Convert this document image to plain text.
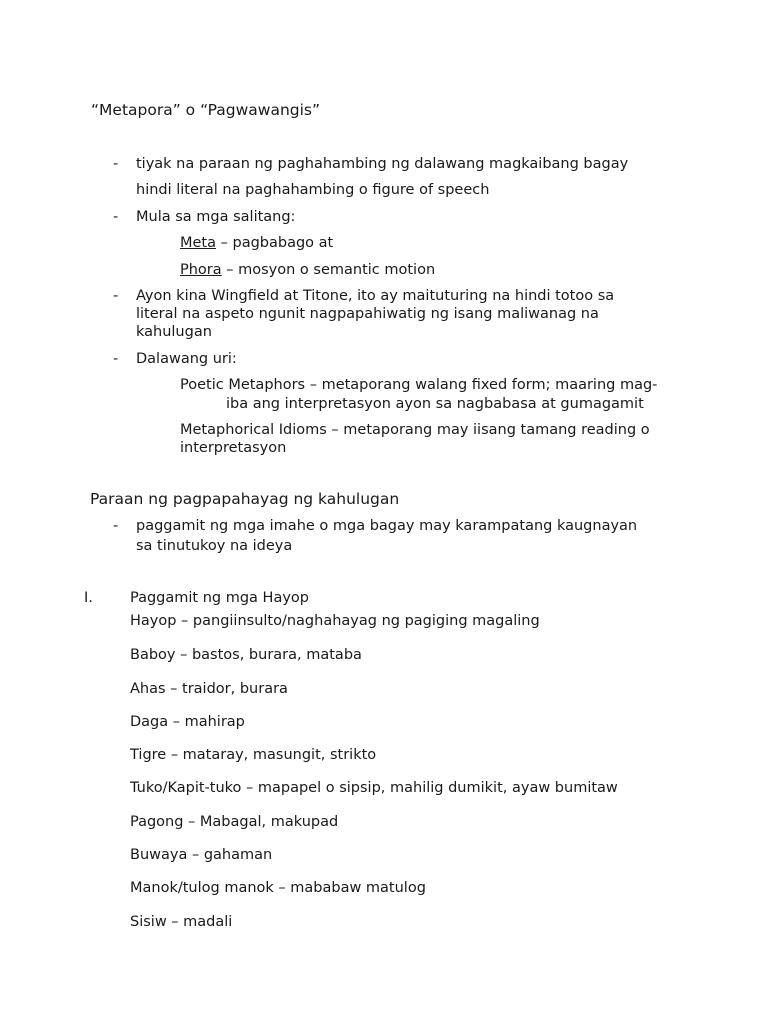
“Metapora” o “Pagwawangis”
- tiyak na paraan ng paghahambing ng dalawang magkaibang bagay
hindi literal na paghahambing o figure of speech
- Mula sa mga salitang:
Meta – pagbabago at
Phora – mosyon o semantic motion
- Ayon kina Wingfield at Titone, ito ay maituturing na hindi totoo sa
literal na aspeto ngunit nagpapahiwatig ng isang maliwanag na
kahulugan
- Dalawang uri:
Poetic Metaphors – metaporang walang fixed form; maaring mag-
iba ang interpretasyon ayon sa nagbabasa at gumagamit
Metaphorical Idioms – metaporang may iisang tamang reading o
interpretasyon
Paraan ng pagpapahayag ng kahulugan
- paggamit ng mga imahe o mga bagay may karampatang kaugnayan
sa tinutukoy na ideya
I.	Paggamit ng mga Hayop
Hayop – pangiinsulto/naghahayag ng pagiging magaling
Baboy – bastos, burara, mataba
Ahas – traidor, burara
Daga – mahirap
Tigre – mataray, masungit, strikto
Tuko/Kapit-tuko – mapapel o sipsip, mahilig dumikit, ayaw bumitaw
Pagong – Mabagal, makupad
Buwaya – gahaman
Manok/tulog manok – mababaw matulog
Sisiw – madali
